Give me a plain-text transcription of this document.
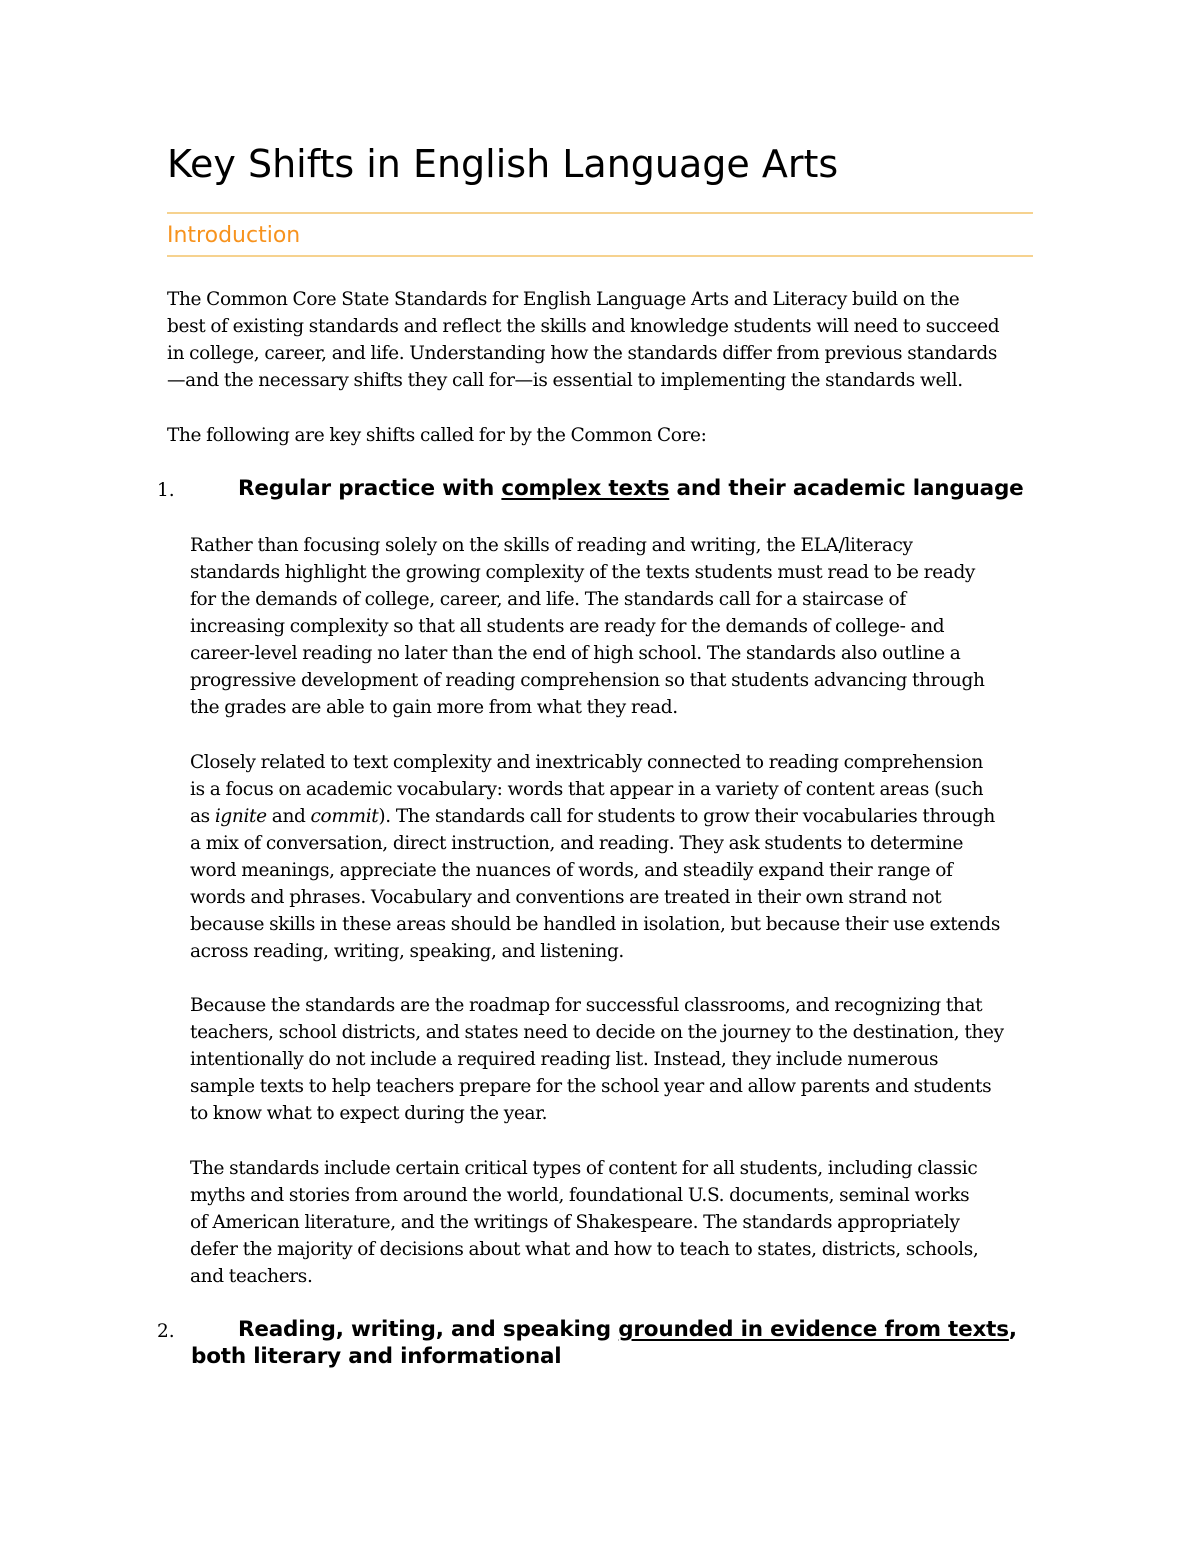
Key Shifts in English Language Arts
Introduction

The Common Core State Standards for English Language Arts and Literacy build on the
best of existing standards and reflect the skills and knowledge students will need to succeed
in college, career, and life. Understanding how the standards differ from previous standards
—and the necessary shifts they call for—is essential to implementing the standards well.

The following are key shifts called for by the Common Core:

1.	Regular practice with complex texts and their academic language

Rather than focusing solely on the skills of reading and writing, the ELA/literacy
standards highlight the growing complexity of the texts students must read to be ready
for the demands of college, career, and life. The standards call for a staircase of
increasing complexity so that all students are ready for the demands of college- and
career-level reading no later than the end of high school. The standards also outline a
progressive development of reading comprehension so that students advancing through
the grades are able to gain more from what they read.

Closely related to text complexity and inextricably connected to reading comprehension
is a focus on academic vocabulary: words that appear in a variety of content areas (such
as ignite and commit). The standards call for students to grow their vocabularies through
a mix of conversation, direct instruction, and reading. They ask students to determine
word meanings, appreciate the nuances of words, and steadily expand their range of
words and phrases. Vocabulary and conventions are treated in their own strand not
because skills in these areas should be handled in isolation, but because their use extends
across reading, writing, speaking, and listening.

Because the standards are the roadmap for successful classrooms, and recognizing that
teachers, school districts, and states need to decide on the journey to the destination, they
intentionally do not include a required reading list. Instead, they include numerous
sample texts to help teachers prepare for the school year and allow parents and students
to know what to expect during the year.

The standards include certain critical types of content for all students, including classic
myths and stories from around the world, foundational U.S. documents, seminal works
of American literature, and the writings of Shakespeare. The standards appropriately
defer the majority of decisions about what and how to teach to states, districts, schools,
and teachers.

2.	Reading, writing, and speaking grounded in evidence from texts,
both literary and informational
